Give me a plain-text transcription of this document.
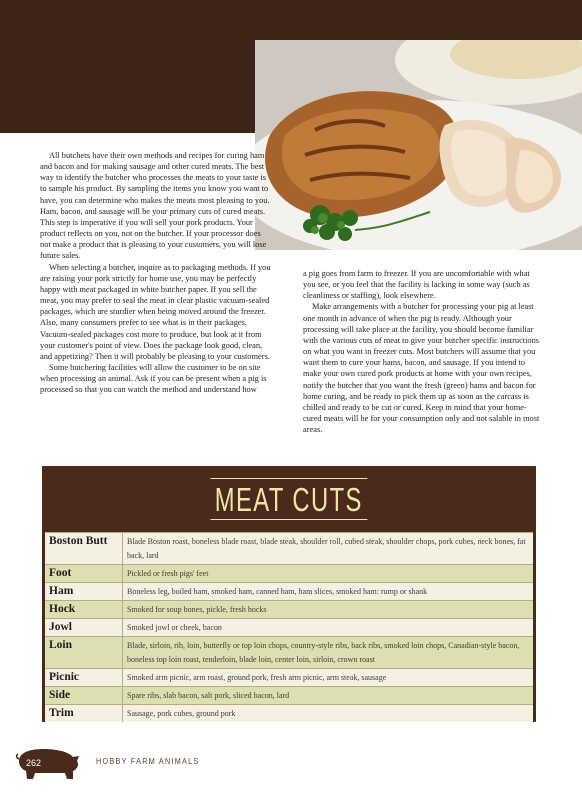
All butchers have their own methods and recipes for curing ham and bacon and for making sausage and other cured meats. The best way to identify the butcher who processes the meats to your taste is to sample his product. By sampling the items you know you want to have, you can determine who makes the meats most pleasing to you. Ham, bacon, and sausage will be your primary cuts of cured meats. This step is imperative if you will sell your pork products. Your product reflects on you, not on the butcher. If your processor does not make a product that is pleasing to your customers, you will lose future sales.

When selecting a butcher, inquire as to packaging methods. If you are raising your pork strictly for home use, you may be perfectly happy with meat packaged in white butcher paper. If you sell the meat, you may prefer to seal the meat in clear plastic vacuum-sealed packages, which are sturdier when being moved around the freezer. Also, many consumers prefer to see what is in their packages. Vacuum-sealed packages cost more to produce, but look at it from your customer's point of view. Does the package look good, clean, and appetizing? Then it will probably be pleasing to your customers.

Some butchering facilities will allow the customer to be on site when processing an animal. Ask if you can be present when a pig is processed so that you can watch the method and understand how

a pig goes from farm to freezer. If you are uncomfortable with what you see, or you feel that the facility is lacking in some way (such as cleanliness or staffing), look elsewhere.

Make arrangements with a butcher for processing your pig at least one month in advance of when the pig is ready. Although your processing will take place at the facility, you should become familiar with the various cuts of meat to give your butcher specific instructions on what you want in freezer cuts. Most butchers will assume that you want them to cure your hams, bacon, and sausage. If you intend to make your own cured pork products at home with your own recipes, notify the butcher that you want the fresh (green) hams and bacon for home curing, and be ready to pick them up as soon as the carcass is chilled and ready to be cut or cured. Keep in mind that your home-cured meats will be for your consumption only and not salable in most areas.

MEAT CUTS
Boston Butt	Blade Boston roast, boneless blade roast, blade steak, shoulder roll, cubed steak, shoulder chops, pork cubes, neck bones, fat back, lard
Foot	Pickled or fresh pigs' feet
Ham	Boneless leg, boiled ham, smoked ham, canned ham, ham slices, smoked ham: rump or shank
Hock	Smoked for soup bones, pickle, fresh hocks
Jowl	Smoked jowl or cheek, bacon
Loin	Blade, sirloin, rib, loin, butterfly or top loin chops, country-style ribs, back ribs, smoked loin chops, Canadian-style bacon, boneless top loin roast, tenderloin, blade loin, center loin, sirloin, crown roast
Picnic	Smoked arm picnic, arm roast, ground pork, fresh arm picnic, arm steak, sausage
Side	Spare ribs, slab bacon, salt pork, sliced bacon, lard
Trim	Sausage, pork cubes, ground pork
262	HOBBY FARM ANIMALS
